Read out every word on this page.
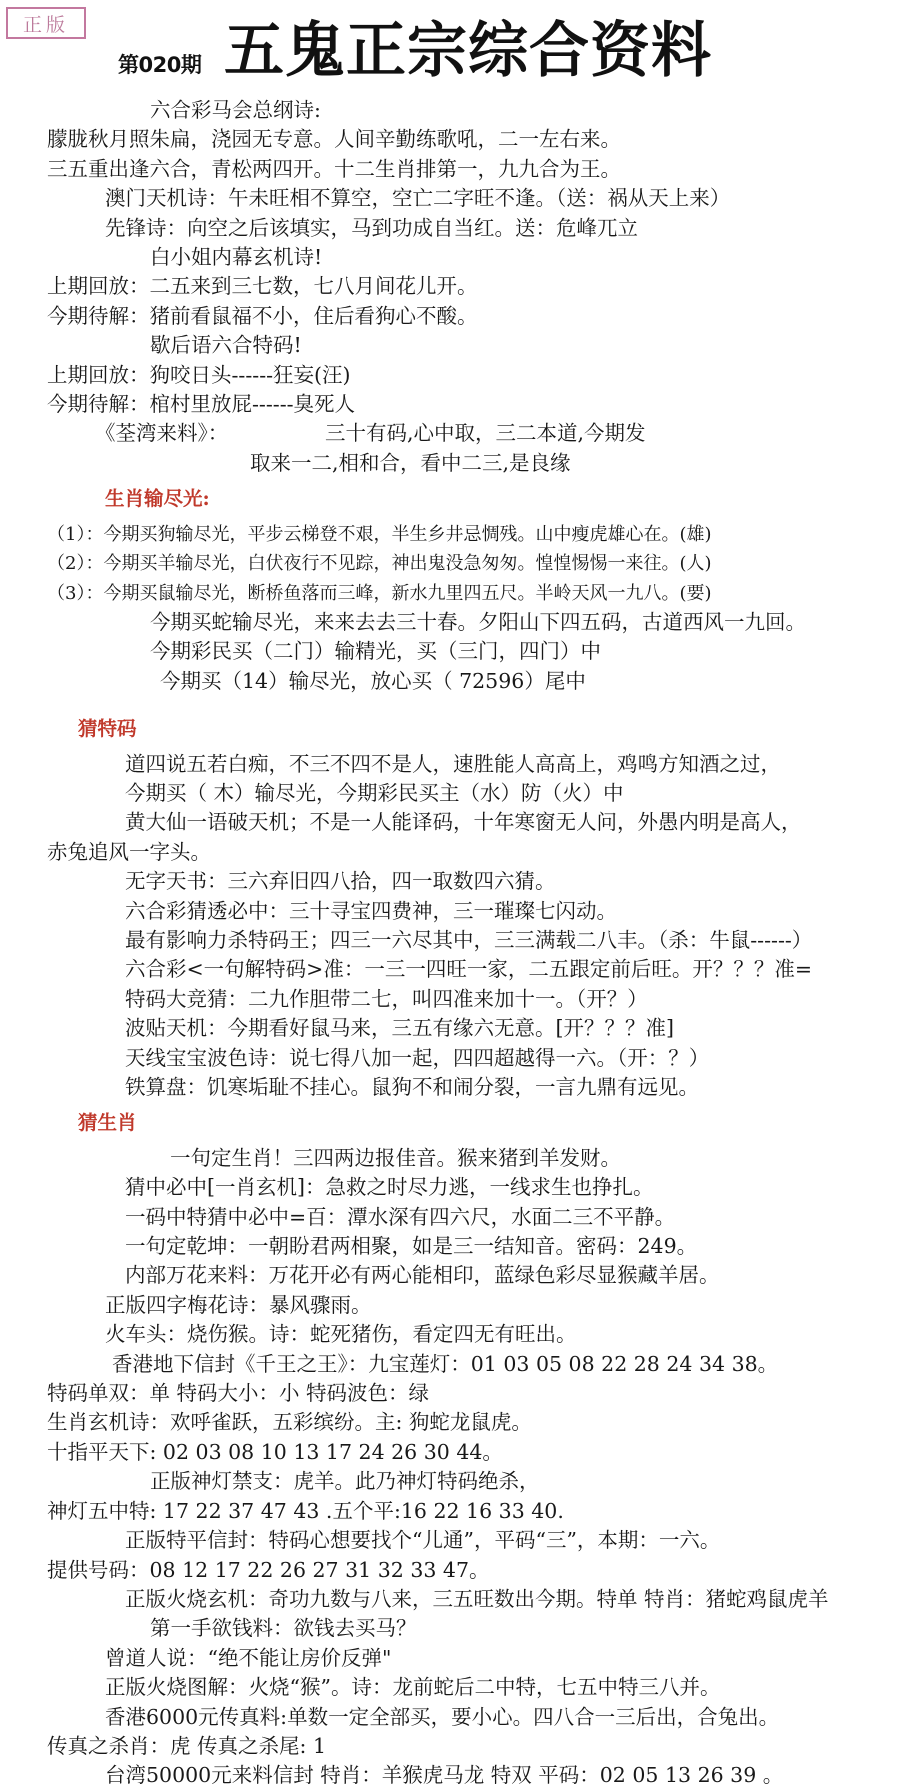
正版
第020期 五鬼正宗综合资料
六合彩马会总纲诗:
朦胧秋月照朱扁，浇园无专意。人间辛勤练歌吼，二一左右来。
三五重出逢六合，青松两四开。十二生肖排第一，九九合为王。
澳门天机诗：午未旺相不算空，空亡二字旺不逢。（送：祸从天上来）
先锋诗：向空之后该填实，马到功成自当红。送：危峰兀立
白小姐内幕玄机诗!
上期回放：二五来到三七数，七八月间花儿开。
今期待解：猪前看鼠福不小，住后看狗心不酸。
歇后语六合特码!
上期回放：狗咬日头------狂妄(汪)
今期待解：棺村里放屁------臭死人
《荃湾来料》：	三十有码,心中取，三二本道,今期发
取来一二,相和合，看中二三,是良缘
生肖输尽光:
（1）：今期买狗输尽光，平步云梯登不艰，半生乡井忌惆残。山中瘦虎雄心在。(雄)
（2）：今期买羊输尽光，白伏夜行不见踪，神出鬼没急匆匆。惶惶惕惕一来往。(人)
（3）：今期买鼠输尽光，断桥鱼落而三峰，新水九里四五尺。半岭天风一九八。(要)
今期买蛇输尽光，来来去去三十春。夕阳山下四五码，古道西风一九回。
今期彩民买（二门）输精光，买（三门，四门）中
今期买（14）输尽光，放心买（ 72596）尾中
猜特码
道四说五若白痴，不三不四不是人，速胜能人高高上，鸡鸣方知酒之过，
今期买（ 木）输尽光，今期彩民买主（水）防（火）中
黄大仙一语破天机；不是一人能译码，十年寒窗无人问，外愚内明是高人，
赤兔追风一字头。
无字天书：三六弃旧四八拾，四一取数四六猜。
六合彩猜透必中：三十寻宝四费神，三一璀璨七闪动。
最有影响力杀特码王；四三一六尽其中，三三满载二八丰。（杀：牛鼠------）
六合彩<一句解特码>准：一三一四旺一家，二五跟定前后旺。开？？？准=
特码大竞猜：二九作胆带二七，叫四准来加十一。（开？）
波贴天机：今期看好鼠马来，三五有缘六无意。[开？？？准]
天线宝宝波色诗：说七得八加一起，四四超越得一六。（开：？）
铁算盘：饥寒垢耻不挂心。鼠狗不和闹分裂，一言九鼎有远见。
猜生肖
一句定生肖！三四两边报佳音。猴来猪到羊发财。
猜中必中[一肖玄机]：急救之时尽力逃，一线求生也挣扎。
一码中特猜中必中=百：潭水深有四六尺，水面二三不平静。
一句定乾坤：一朝盼君两相聚，如是三一结知音。密码：249。
内部万花来料：万花开必有两心能相印，蓝绿色彩尽显猴藏羊居。
正版四字梅花诗：暴风骤雨。
火车头：烧伤猴。诗：蛇死猪伤，看定四无有旺出。
香港地下信封《千王之王》：九宝莲灯：01 03 05 08 22 28 24 34 38。
特码单双：单 特码大小：小 特码波色：绿
生肖玄机诗：欢呼雀跃，五彩缤纷。主: 狗蛇龙鼠虎。
十指平天下: 02 03 08 10 13 17 24 26 30 44。
正版神灯禁支：虎羊。此乃神灯特码绝杀，
神灯五中特: 17 22 37 47 43 .五个平:16 22 16 33 40.
正版特平信封：特码心想要找个“儿通”，平码“三”，本期：一六。
提供号码：08 12 17 22 26 27 31 32 33 47。
正版火烧玄机：奇功九数与八来，三五旺数出今期。特单 特肖：猪蛇鸡鼠虎羊
第一手欲钱料：欲钱去买马？
曾道人说：“绝不能让房价反弹"
正版火烧图解：火烧“猴”。诗：龙前蛇后二中特，七五中特三八并。
香港6000元传真料:单数一定全部买，要小心。四八合一三后出，合兔出。
传真之杀肖：虎 传真之杀尾: 1
台湾50000元来料信封 特肖：羊猴虎马龙 特双 平码：02 05 13 26 39 。
